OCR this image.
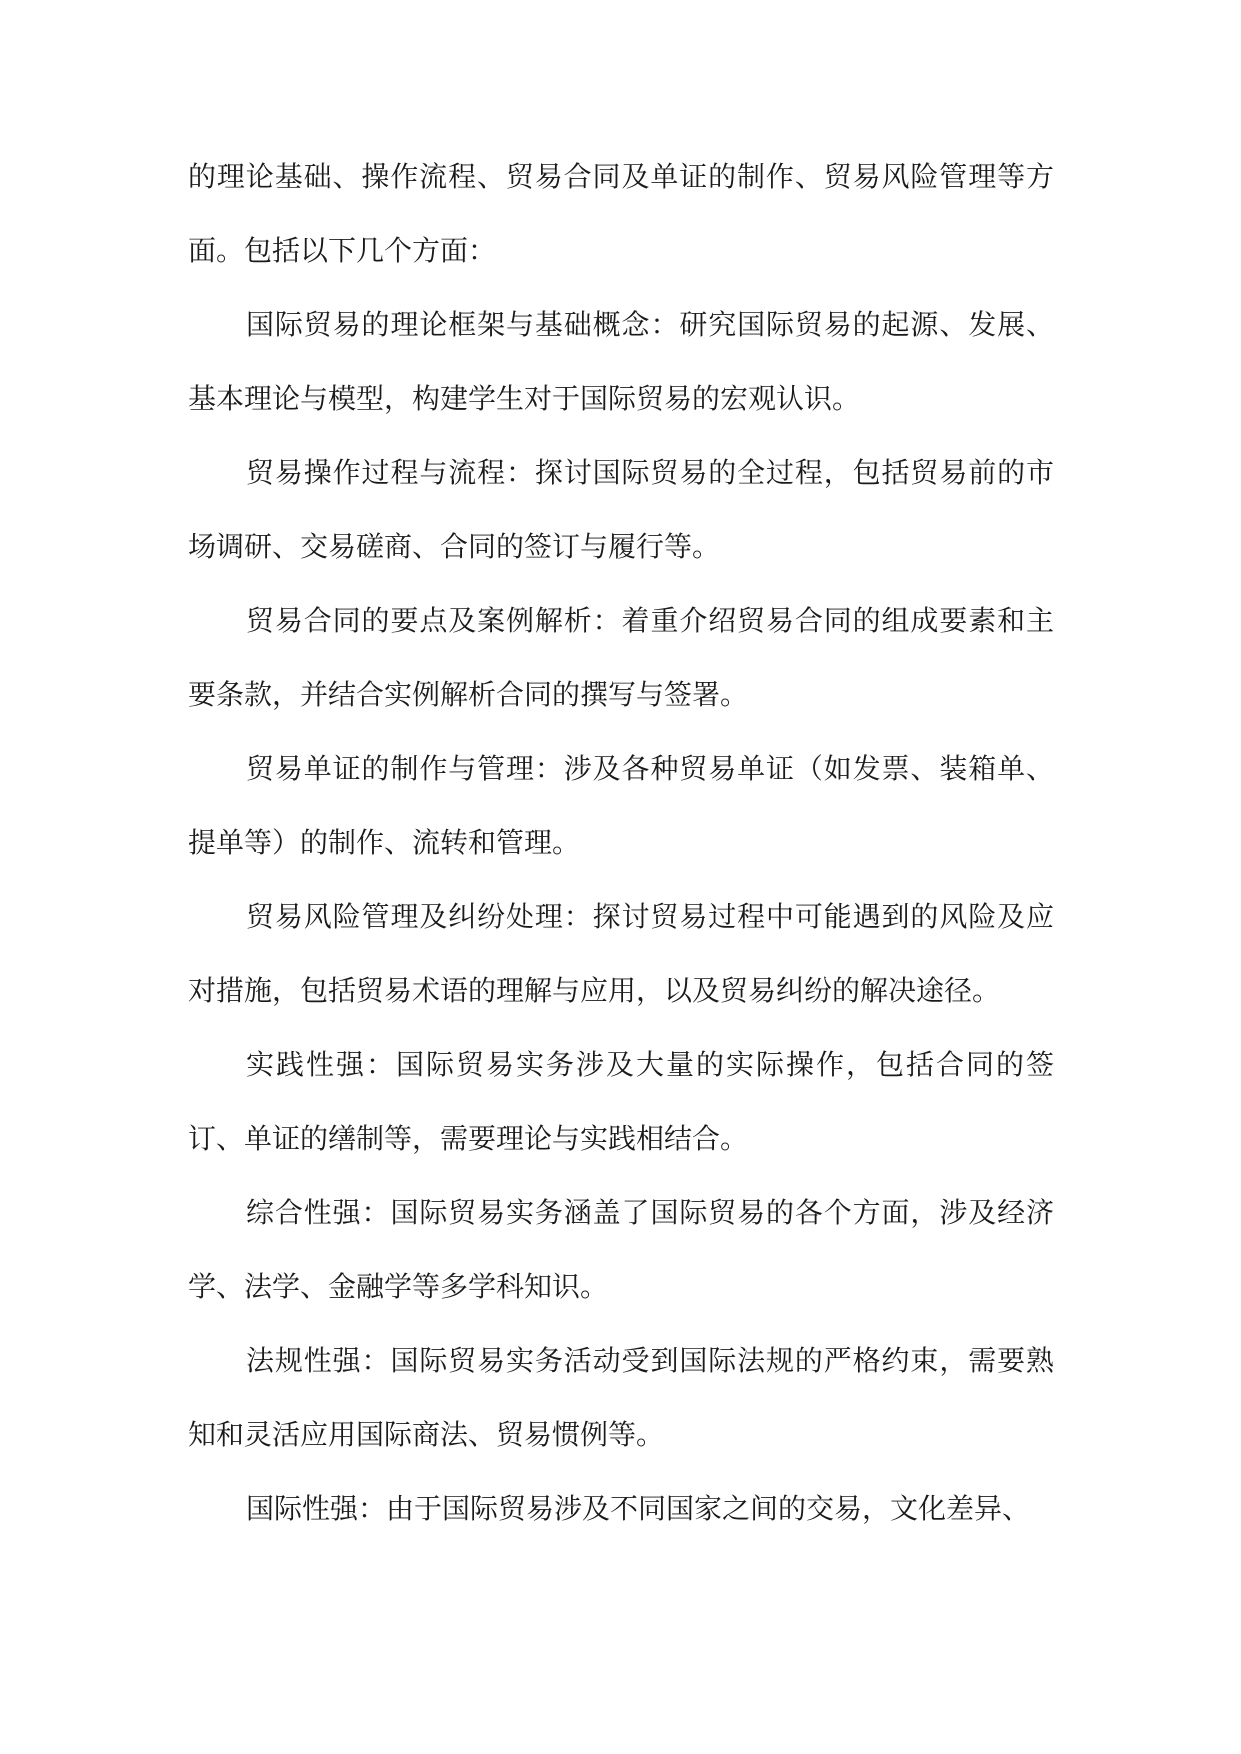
的理论基础、操作流程、贸易合同及单证的制作、贸易风险管理等方面。包括以下几个方面：

国际贸易的理论框架与基础概念：研究国际贸易的起源、发展、基本理论与模型，构建学生对于国际贸易的宏观认识。

贸易操作过程与流程：探讨国际贸易的全过程，包括贸易前的市场调研、交易磋商、合同的签订与履行等。

贸易合同的要点及案例解析：着重介绍贸易合同的组成要素和主要条款，并结合实例解析合同的撰写与签署。

贸易单证的制作与管理：涉及各种贸易单证（如发票、装箱单、提单等）的制作、流转和管理。

贸易风险管理及纠纷处理：探讨贸易过程中可能遇到的风险及应对措施，包括贸易术语的理解与应用，以及贸易纠纷的解决途径。

实践性强：国际贸易实务涉及大量的实际操作，包括合同的签订、单证的缮制等，需要理论与实践相结合。

综合性强：国际贸易实务涵盖了国际贸易的各个方面，涉及经济学、法学、金融学等多学科知识。

法规性强：国际贸易实务活动受到国际法规的严格约束，需要熟知和灵活应用国际商法、贸易惯例等。

国际性强：由于国际贸易涉及不同国家之间的交易，文化差异、
